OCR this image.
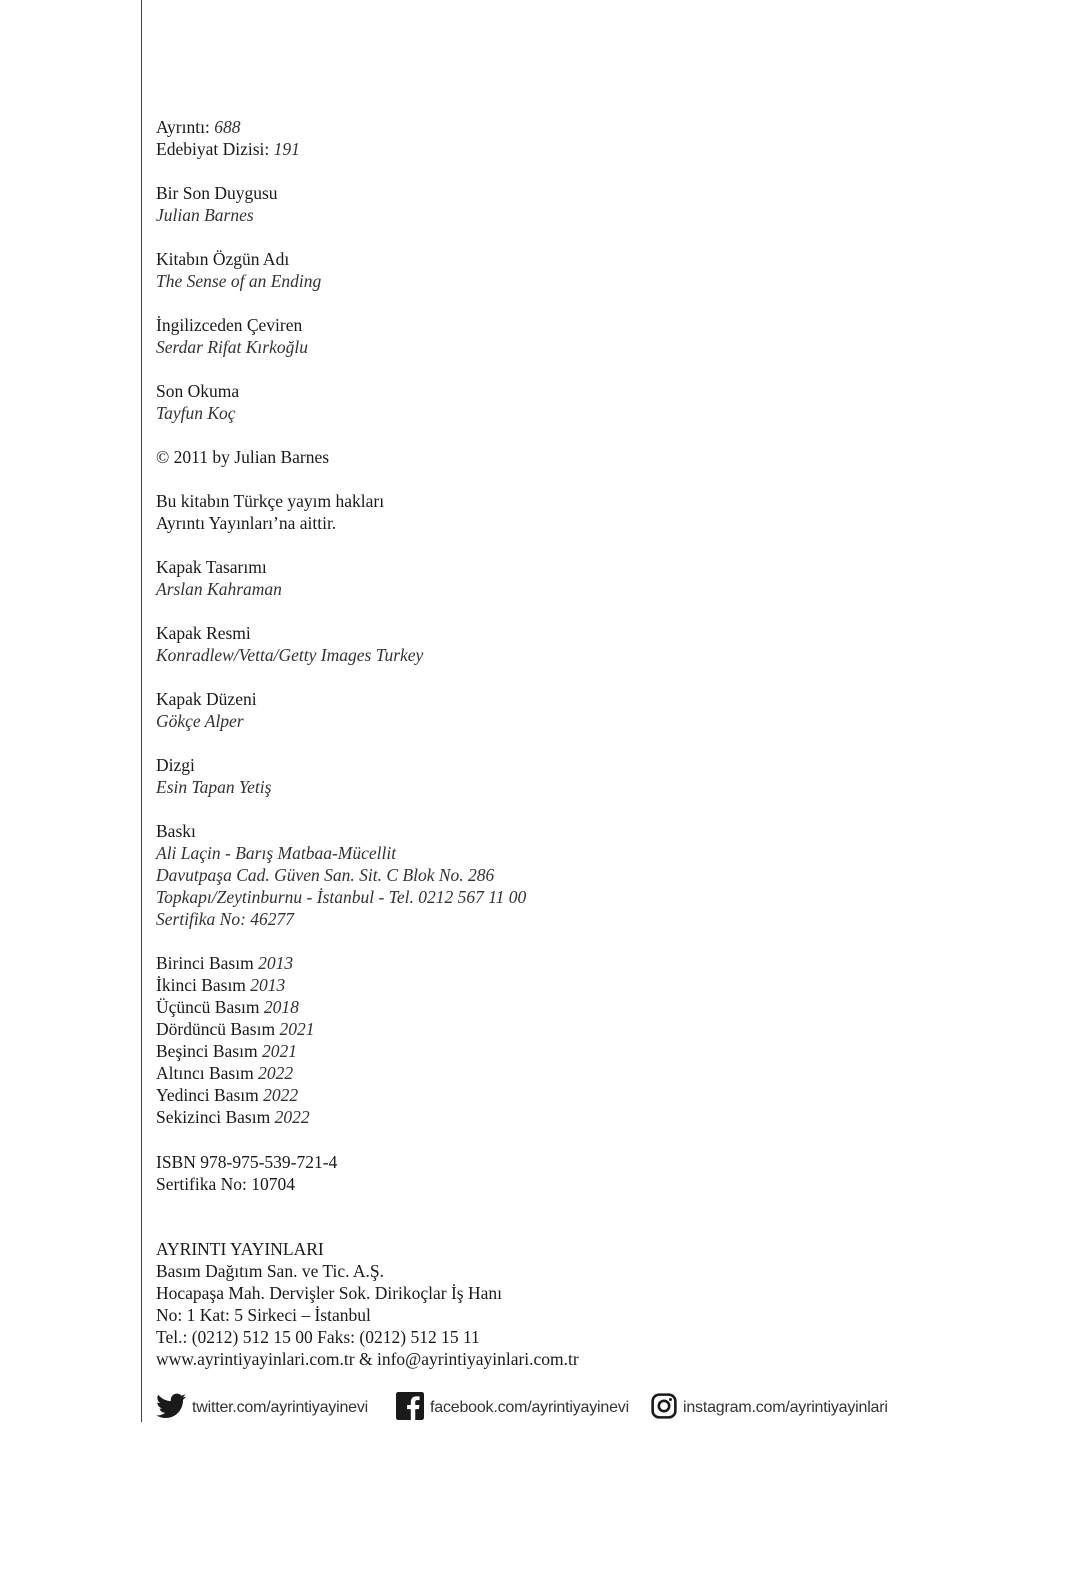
Ayrıntı: 688
Edebiyat Dizisi: 191
Bir Son Duygusu
Julian Barnes
Kitabın Özgün Adı
The Sense of an Ending
İngilizceden Çeviren
Serdar Rifat Kırkoğlu
Son Okuma
Tayfun Koç
© 2011 by Julian Barnes
Bu kitabın Türkçe yayım hakları
Ayrıntı Yayınları’na aittir.
Kapak Tasarımı
Arslan Kahraman
Kapak Resmi
Konradlew/Vetta/Getty Images Turkey
Kapak Düzeni
Gökçe Alper
Dizgi
Esin Tapan Yetiş
Baskı
Ali Laçin - Barış Matbaa-Mücellit
Davutpaşa Cad. Güven San. Sit. C Blok No. 286
Topkapı/Zeytinburnu - İstanbul - Tel. 0212 567 11 00
Sertifika No: 46277
Birinci Basım 2013
İkinci Basım 2013
Üçüncü Basım 2018
Dördüncü Basım 2021
Beşinci Basım 2021
Altıncı Basım 2022
Yedinci Basım 2022
Sekizinci Basım 2022
ISBN 978-975-539-721-4
Sertifika No: 10704
AYRINTI YAYINLARI
Basım Dağıtım San. ve Tic. A.Ş.
Hocapaşa Mah. Dervişler Sok. Dirikoçlar İş Hanı
No: 1 Kat: 5 Sirkeci – İstanbul
Tel.: (0212) 512 15 00 Faks: (0212) 512 15 11
www.ayrintiyayinlari.com.tr & info@ayrintiyayinlari.com.tr
twitter.com/ayrintiyayinevi	facebook.com/ayrintiyayinevi	instagram.com/ayrintiyayinlari
